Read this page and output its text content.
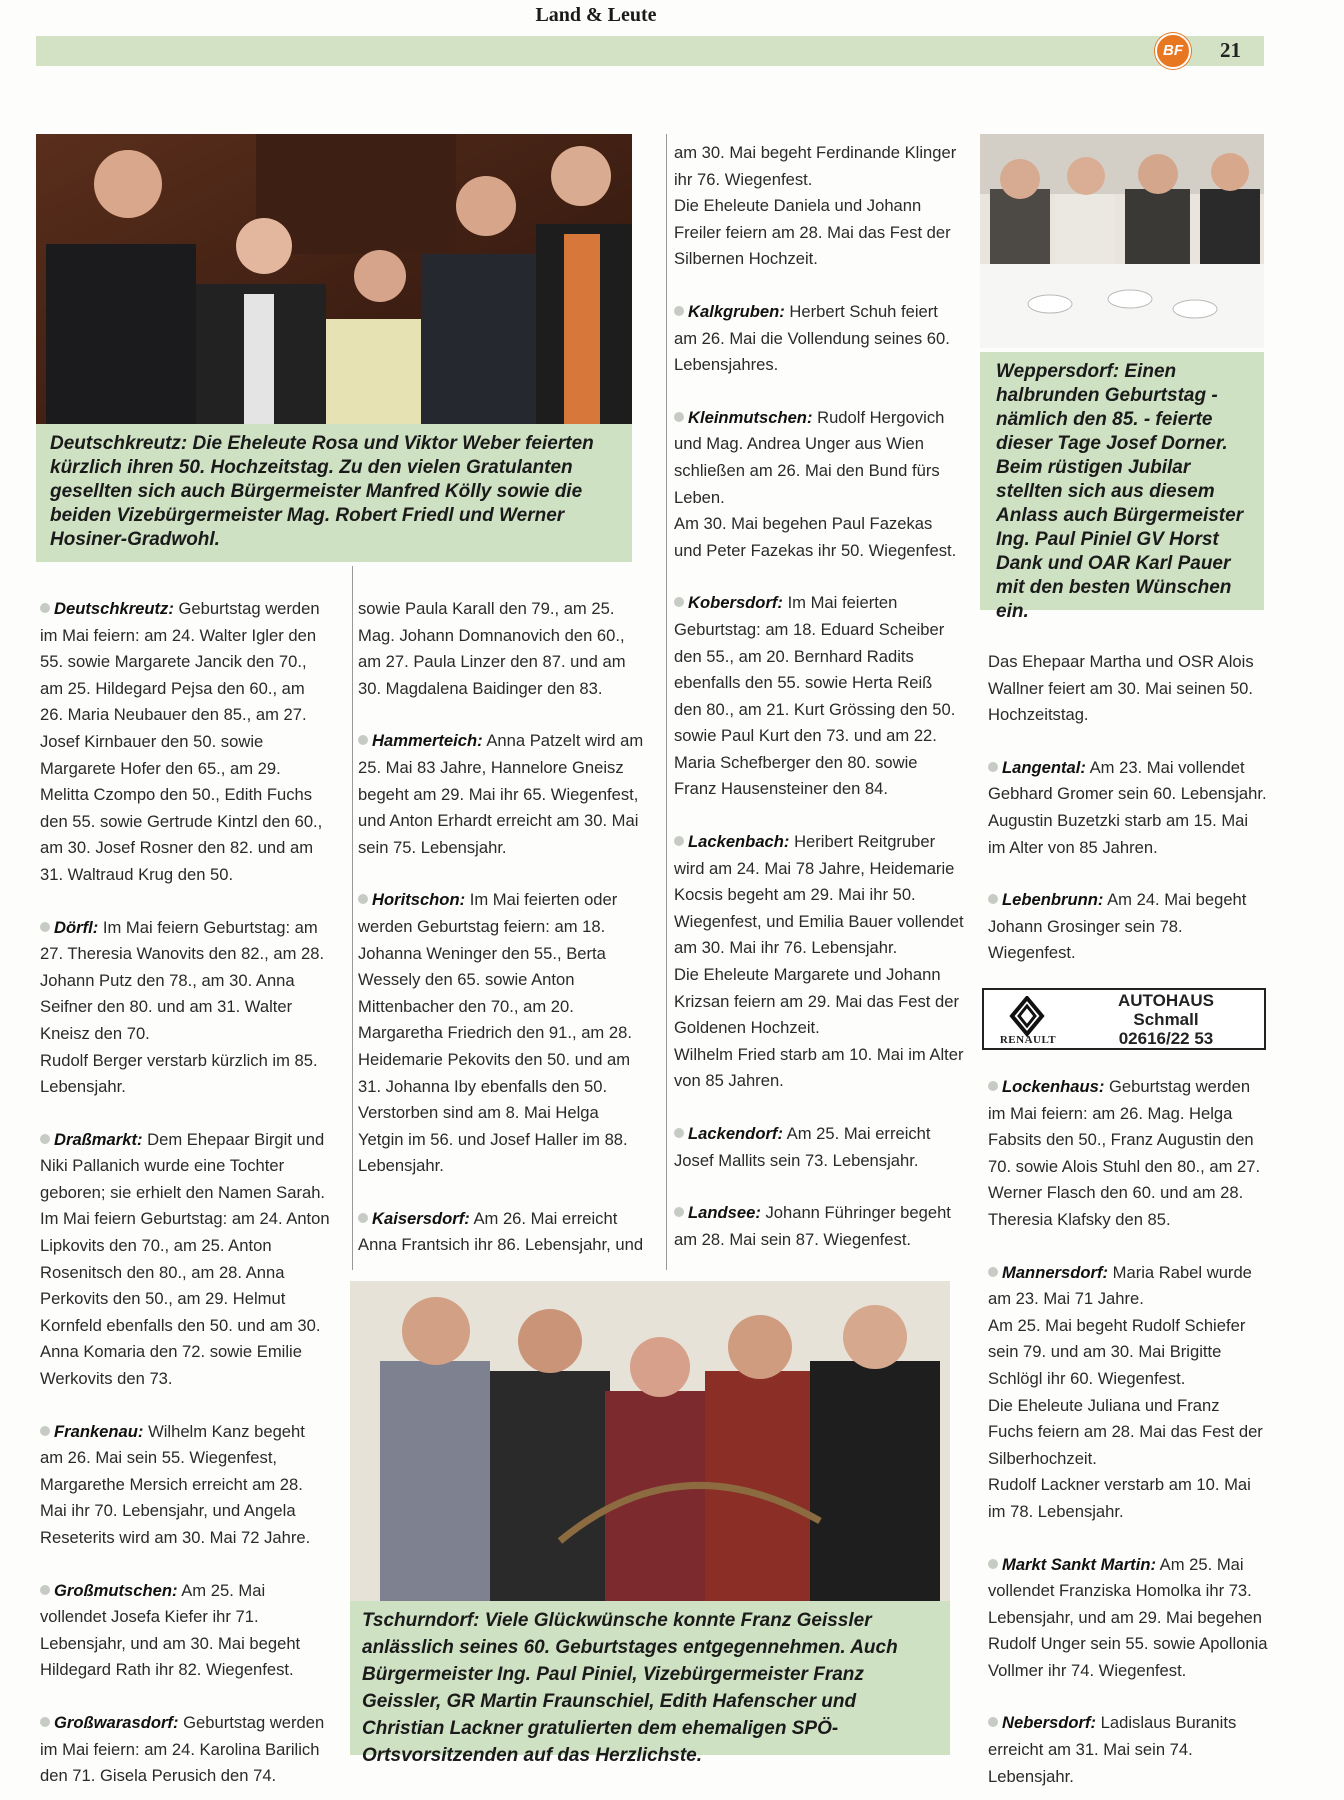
Land & Leute
BF	21
Deutschkreutz: Die Eheleute Rosa und Viktor Weber feierten kürzlich ihren 50. Hochzeitstag. Zu den vielen Gratulanten gesellten sich auch Bürgermeister Manfred Kölly sowie die beiden Vizebürgermeister Mag. Robert Friedl und Werner Hosiner-Gradwohl.
Weppersdorf: Einen halbrunden Geburtstag - nämlich den 85. - feierte dieser Tage Josef Dorner. Beim rüstigen Jubilar stellten sich aus diesem Anlass auch Bürgermeister Ing. Paul Piniel GV Horst Dank und OAR Karl Pauer mit den besten Wünschen ein.
Tschurndorf: Viele Glückwünsche konnte Franz Geissler anlässlich seines 60. Geburtstages entgegennehmen. Auch Bürgermeister Ing. Paul Piniel, Vizebürgermeister Franz Geissler, GR Martin Fraunschiel, Edith Hafenscher und Christian Lackner gratulierten dem ehemaligen SPÖ-Ortsvorsitzenden auf das Herzlichste.
Deutschkreutz: Geburtstag werden im Mai feiern: am 24. Walter Igler den 55. sowie Margarete Jancik den 70., am 25. Hildegard Pejsa den 60., am 26. Maria Neubauer den 85., am 27. Josef Kirnbauer den 50. sowie Margarete Hofer den 65., am 29. Melitta Czompo den 50., Edith Fuchs den 55. sowie Gertrude Kintzl den 60., am 30. Josef Rosner den 82. und am 31. Waltraud Krug den 50.

Dörfl: Im Mai feiern Geburtstag: am 27. Theresia Wanovits den 82., am 28. Johann Putz den 78., am 30. Anna Seifner den 80. und am 31. Walter Kneisz den 70.

Rudolf Berger verstarb kürzlich im 85. Lebensjahr.

Draßmarkt: Dem Ehepaar Birgit und Niki Pallanich wurde eine Tochter geboren; sie erhielt den Namen Sarah.

Im Mai feiern Geburtstag: am 24. Anton Lipkovits den 70., am 25. Anton Rosenitsch den 80., am 28. Anna Perkovits den 50., am 29. Helmut Kornfeld ebenfalls den 50. und am 30. Anna Komaria den 72. sowie Emilie Werkovits den 73.

Frankenau: Wilhelm Kanz begeht am 26. Mai sein 55. Wiegenfest, Margarethe Mersich erreicht am 28. Mai ihr 70. Lebensjahr, und Angela Reseterits wird am 30. Mai 72 Jahre.
Großmutschen: Am 25. Mai vollendet Josefa Kiefer ihr 71. Lebensjahr, und am 30. Mai begeht Hildegard Rath ihr 82. Wiegenfest.
Großwarasdorf: Geburtstag werden im Mai feiern: am 24. Karolina Barilich den 71. Gisela Perusich den 74.
sowie Paula Karall den 79., am 25. Mag. Johann Domnanovich den 60., am 27. Paula Linzer den 87. und am 30. Magdalena Baidinger den 83.
Hammerteich: Anna Patzelt wird am 25. Mai 83 Jahre, Hannelore Gneisz begeht am 29. Mai ihr 65. Wiegenfest, und Anton Erhardt erreicht am 30. Mai sein 75. Lebensjahr.

Horitschon: Im Mai feierten oder werden Geburtstag feiern: am 18. Johanna Weninger den 55., Berta Wessely den 65. sowie Anton Mittenbacher den 70., am 20. Margaretha Friedrich den 91., am 28. Heidemarie Pekovits den 50. und am 31. Johanna Iby ebenfalls den 50.

Verstorben sind am 8. Mai Helga Yetgin im 56. und Josef Haller im 88. Lebensjahr.

Kaisersdorf: Am 26. Mai erreicht Anna Frantsich ihr 86. Lebensjahr, und

am 30. Mai begeht Ferdinande Klinger ihr 76. Wiegenfest.

Die Eheleute Daniela und Johann Freiler feiern am 28. Mai das Fest der Silbernen Hochzeit.

Kalkgruben: Herbert Schuh feiert am 26. Mai die Vollendung seines 60. Lebensjahres.

Kleinmutschen: Rudolf Hergovich und Mag. Andrea Unger aus Wien schließen am 26. Mai den Bund fürs Leben.

Am 30. Mai begehen Paul Fazekas und Peter Fazekas ihr 50. Wiegenfest.

Kobersdorf: Im Mai feierten Geburtstag: am 18. Eduard Scheiber den 55., am 20. Bernhard Radits ebenfalls den 55. sowie Herta Reiß den 80., am 21. Kurt Grössing den 50. sowie Paul Kurt den 73. und am 22. Maria Schefberger den 80. sowie Franz Hausensteiner den 84.

Lackenbach: Heribert Reitgruber wird am 24. Mai 78 Jahre, Heidemarie Kocsis begeht am 29. Mai ihr 50. Wiegenfest, und Emilia Bauer vollendet am 30. Mai ihr 76. Lebensjahr.

Die Eheleute Margarete und Johann Krizsan feiern am 29. Mai das Fest der Goldenen Hochzeit.

Wilhelm Fried starb am 10. Mai im Alter von 85 Jahren.

Lackendorf: Am 25. Mai erreicht Josef Mallits sein 73. Lebensjahr.
Landsee: Johann Führinger begeht am 28. Mai sein 87. Wiegenfest.
Das Ehepaar Martha und OSR Alois Wallner feiert am 30. Mai seinen 50. Hochzeitstag.

Langental: Am 23. Mai vollendet Gebhard Gromer sein 60. Lebensjahr.

Augustin Buzetzki starb am 15. Mai im Alter von 85 Jahren.

Lebenbrunn: Am 24. Mai begeht Johann Grosinger sein 78. Wiegenfest.
RENAULT
AUTOHAUS
Schmall
02616/22 53
Lockenhaus: Geburtstag werden im Mai feiern: am 26. Mag. Helga Fabsits den 50., Franz Augustin den 70. sowie Alois Stuhl den 80., am 27. Werner Flasch den 60. und am 28. Theresia Klafsky den 85.

Mannersdorf: Maria Rabel wurde am 23. Mai 71 Jahre.

Am 25. Mai begeht Rudolf Schiefer sein 79. und am 30. Mai Brigitte Schlögl ihr 60. Wiegenfest.

Die Eheleute Juliana und Franz Fuchs feiern am 28. Mai das Fest der Silberhochzeit.

Rudolf Lackner verstarb am 10. Mai im 78. Lebensjahr.

Markt Sankt Martin: Am 25. Mai vollendet Franziska Homolka ihr 73. Lebensjahr, und am 29. Mai begehen Rudolf Unger sein 55. sowie Apollonia Vollmer ihr 74. Wiegenfest.
Nebersdorf: Ladislaus Buranits erreicht am 31. Mai sein 74. Lebensjahr.
